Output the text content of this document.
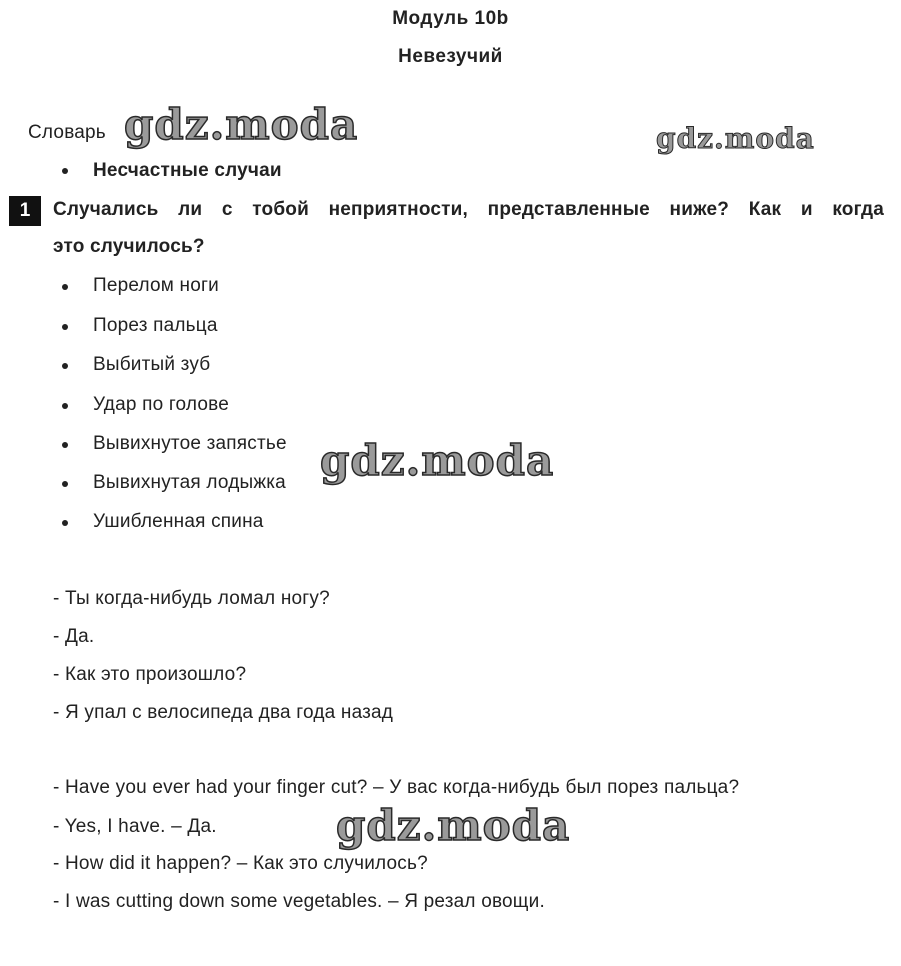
Модуль 10b
Невезучий
Словарь gdz.moda	gdz.moda
Несчастные случаи
1	Случались ли с тобой неприятности, представленные ниже? Как и когда
это случилось?
Перелом ноги
Порез пальца
Выбитый зуб
Удар по голове
Вывихнутое запястье
Вывихнутая лодыжка
Ушибленная спина
gdz.moda
- Ты когда-нибудь ломал ногу?
- Да.
- Как это произошло?
- Я упал с велосипеда два года назад
- Have you ever had your finger cut? – У вас когда-нибудь был порез пальца?
- Yes, I have. – Да.
- How did it happen? – Как это случилось?
- I was cutting down some vegetables. – Я резал овощи.
gdz.moda
